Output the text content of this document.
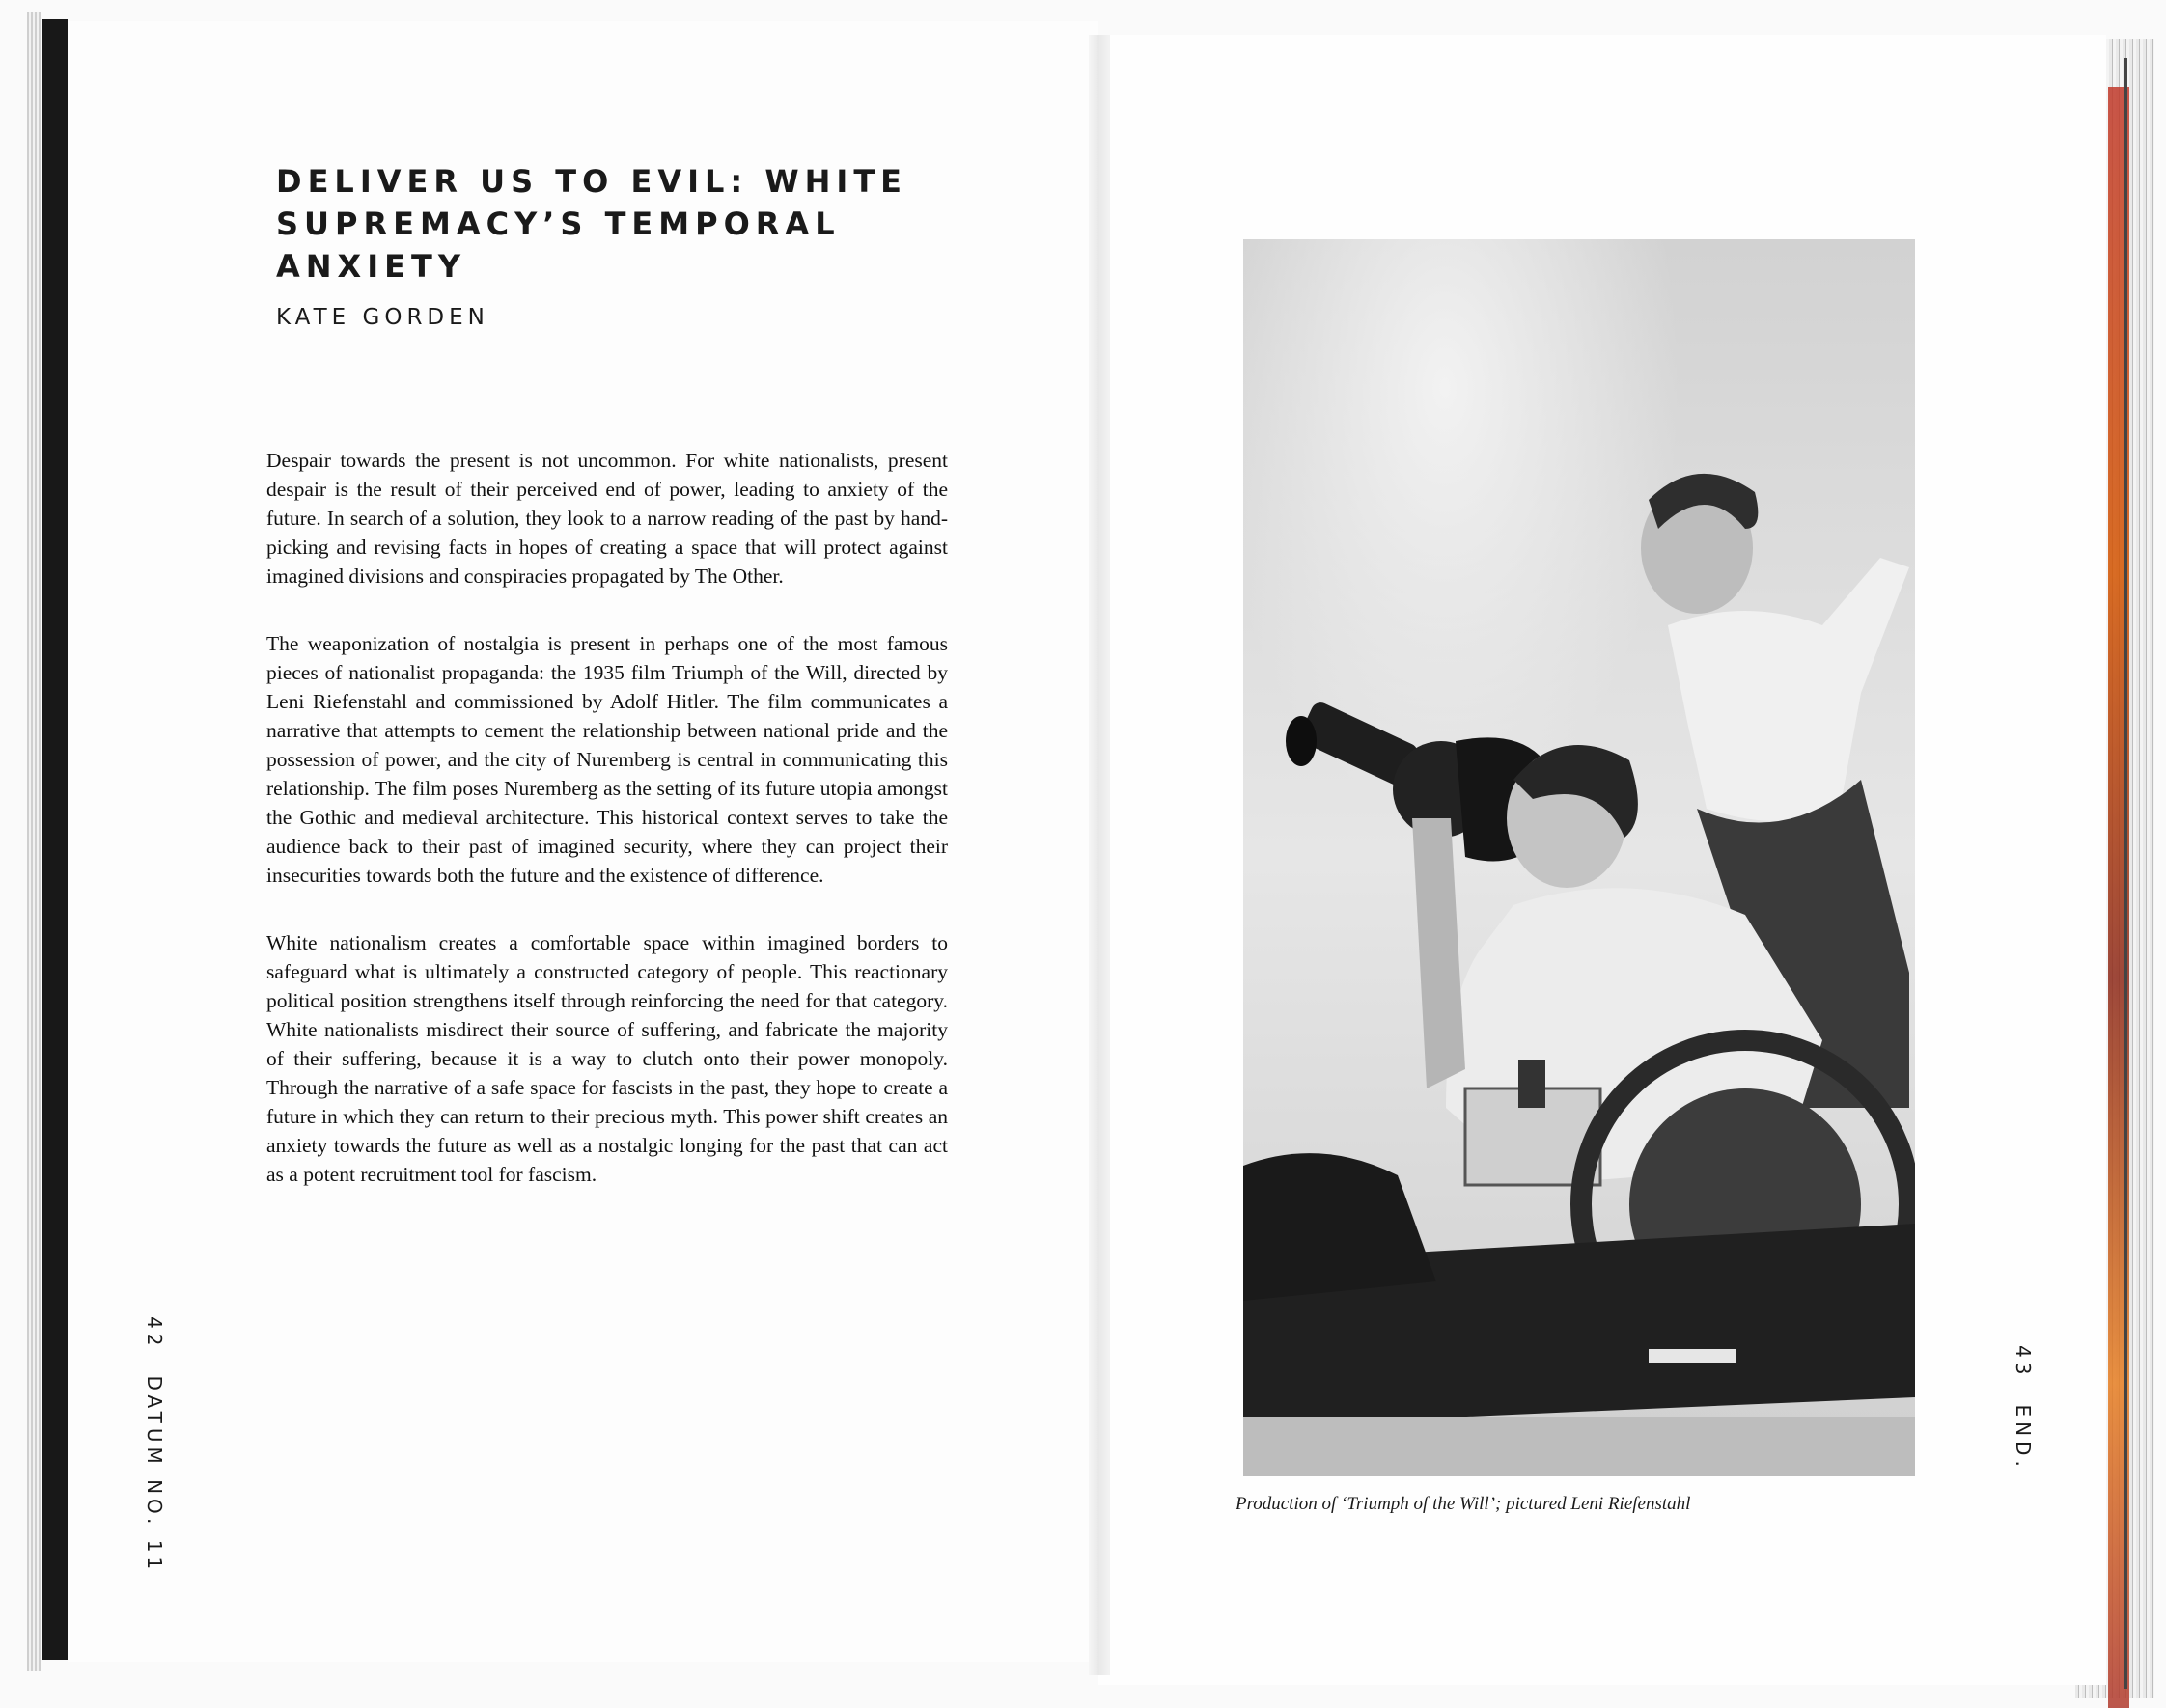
DELIVER US TO EVIL: WHITE SUPREMACY’S TEMPORAL ANXIETY
KATE GORDEN

Despair towards the present is not uncommon. For white nationalists, present despair is the result of their perceived end of power, leading to anxiety of the future. In search of a solution, they look to a narrow reading of the past by hand-picking and revising facts in hopes of creating a space that will protect against imagined divisions and conspiracies propagated by The Other.

The weaponization of nostalgia is present in perhaps one of the most famous pieces of nationalist propaganda: the 1935 film Triumph of the Will, directed by Leni Riefenstahl and commissioned by Adolf Hitler. The film communicates a narrative that attempts to cement the relationship between national pride and the possession of power, and the city of Nuremberg is central in communicating this relationship. The film poses Nuremberg as the setting of its future utopia amongst the Gothic and medieval architecture. This historical context serves to take the audience back to their past of imagined security, where they can project their insecurities towards both the future and the existence of difference.

White nationalism creates a comfortable space within imagined borders to safeguard what is ultimately a constructed category of people. This reactionary political position strengthens itself through reinforcing the need for that category. White nationalists misdirect their source of suffering, and fabricate the majority of their suffering, because it is a way to clutch onto their power monopoly. Through the narrative of a safe space for fascists in the past, they hope to create a future in which they can return to their precious myth. This power shift creates an anxiety towards the future as well as a nostalgic longing for the past that can act as a potent recruitment tool for fascism.

42DATUM NO. 11	Production of ‘Triumph of the Will’; pictured Leni Riefenstahl
43END.
